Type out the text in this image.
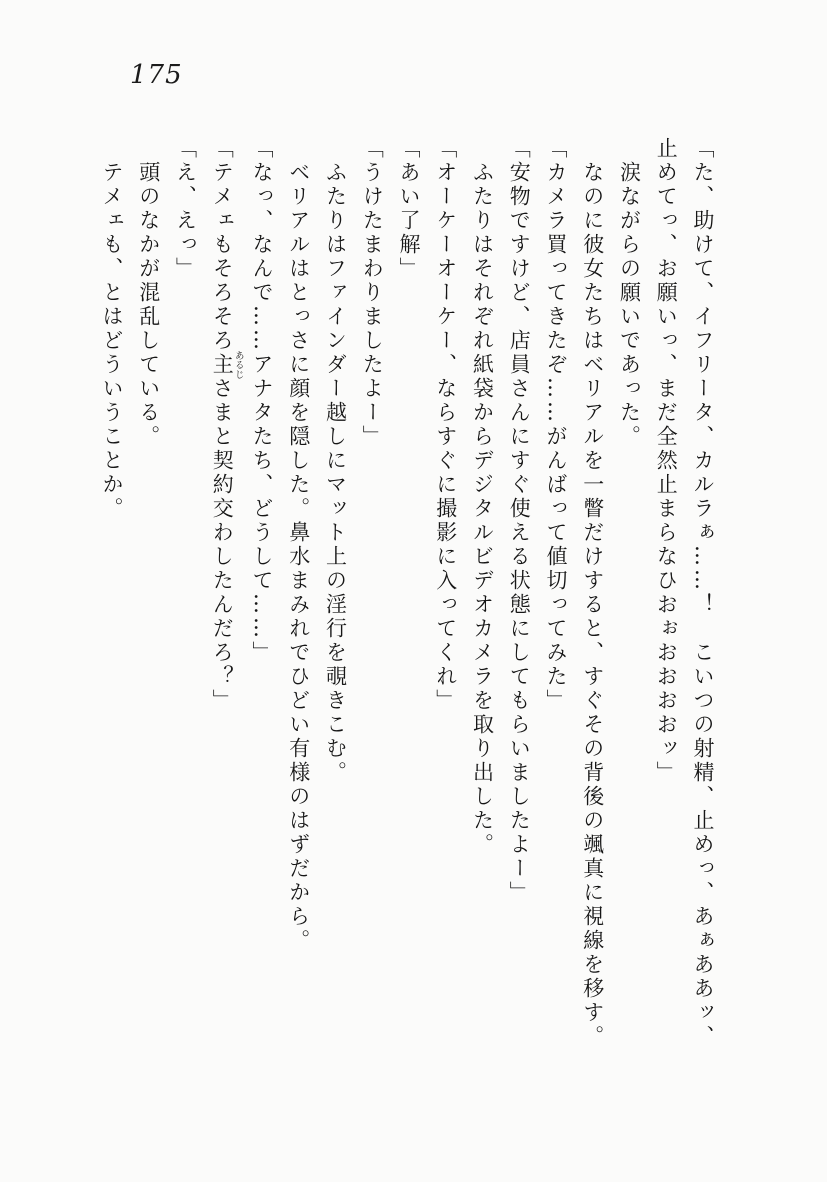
175

「た、助けて、イフリータ、カルラぁ……！　こいつの射精、止めっ、あぁああッ、

止めてっ、お願いっ、まだ全然止まらなひおぉおおおおッ」

涙ながらの願いであった。

なのに彼女たちはベリアルを一瞥だけすると、すぐその背後の颯真に視線を移す。

「カメラ買ってきたぞ……がんばって値切ってみた」

「安物ですけど、店員さんにすぐ使える状態にしてもらいましたよー」

ふたりはそれぞれ紙袋からデジタルビデオカメラを取り出した。

「オーケーオーケー、ならすぐに撮影に入ってくれ」

「あい了解」

「うけたまわりましたよー」

ふたりはファインダー越しにマット上の淫行を覗きこむ。

ベリアルはとっさに顔を隠した。鼻水まみれでひどい有様のはずだから。

「なっ、なんで……アナタたち、どうして……」

「テメェもそろそろ主あるじさまと契約交わしたんだろ？」

「え、えっ」

頭のなかが混乱している。

テメェも、とはどういうことか。
